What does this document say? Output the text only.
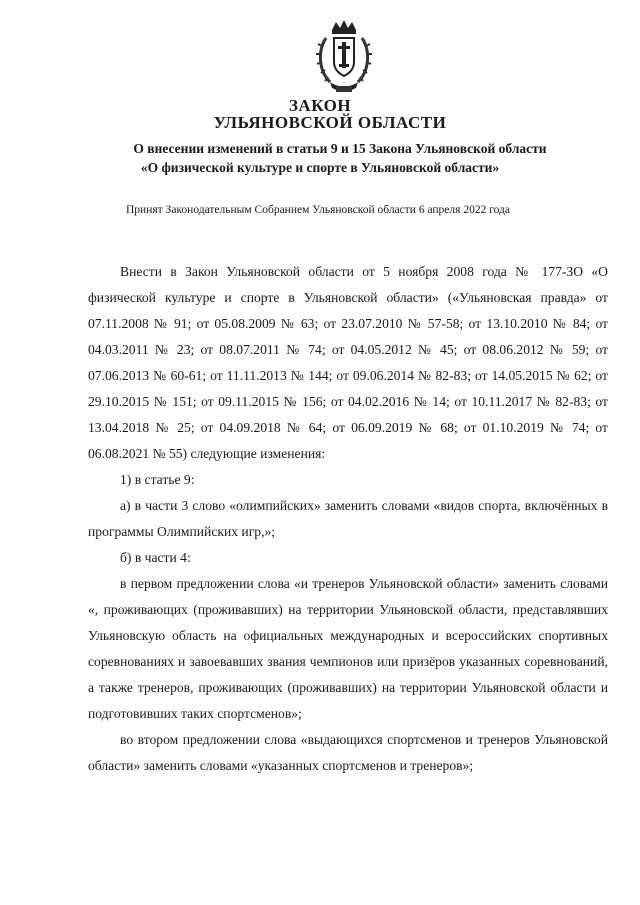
ЗАКОН

УЛЬЯНОВСКОЙ ОБЛАСТИ

О внесении изменений в статьи 9 и 15 Закона Ульяновской области

«О физической культуре и спорте в Ульяновской области»

Принят Законодательным Собранием Ульяновской области 6 апреля 2022 года

Внести в Закон Ульяновской области от 5 ноября 2008 года № 177-ЗО «О физической культуре и спорте в Ульяновской области» («Ульяновская правда» от 07.11.2008 № 91; от 05.08.2009 № 63; от 23.07.2010 № 57-58; от 13.10.2010 № 84; от 04.03.2011 № 23; от 08.07.2011 № 74; от 04.05.2012 № 45; от 08.06.2012 № 59; от 07.06.2013 № 60-61; от 11.11.2013 № 144; от 09.06.2014 № 82-83; от 14.05.2015 № 62; от 29.10.2015 № 151; от 09.11.2015 № 156; от 04.02.2016 № 14; от 10.11.2017 № 82-83; от 13.04.2018 № 25; от 04.09.2018 № 64; от 06.09.2019 № 68; от 01.10.2019 № 74; от 06.08.2021 № 55) следующие изменения:

1) в статье 9:

а) в части 3 слово «олимпийских» заменить словами «видов спорта, включённых в программы Олимпийских игр,»;

б) в части 4:

в первом предложении слова «и тренеров Ульяновской области» заменить словами «, проживающих (проживавших) на территории Ульяновской области, представлявших Ульяновскую область на официальных международных и всероссийских спортивных соревнованиях и завоевавших звания чемпионов или призёров указанных соревнований, а также тренеров, проживающих (проживавших) на территории Ульяновской области и подготовивших таких спортсменов»;

во втором предложении слова «выдающихся спортсменов и тренеров Ульяновской области» заменить словами «указанных спортсменов и тренеров»;
